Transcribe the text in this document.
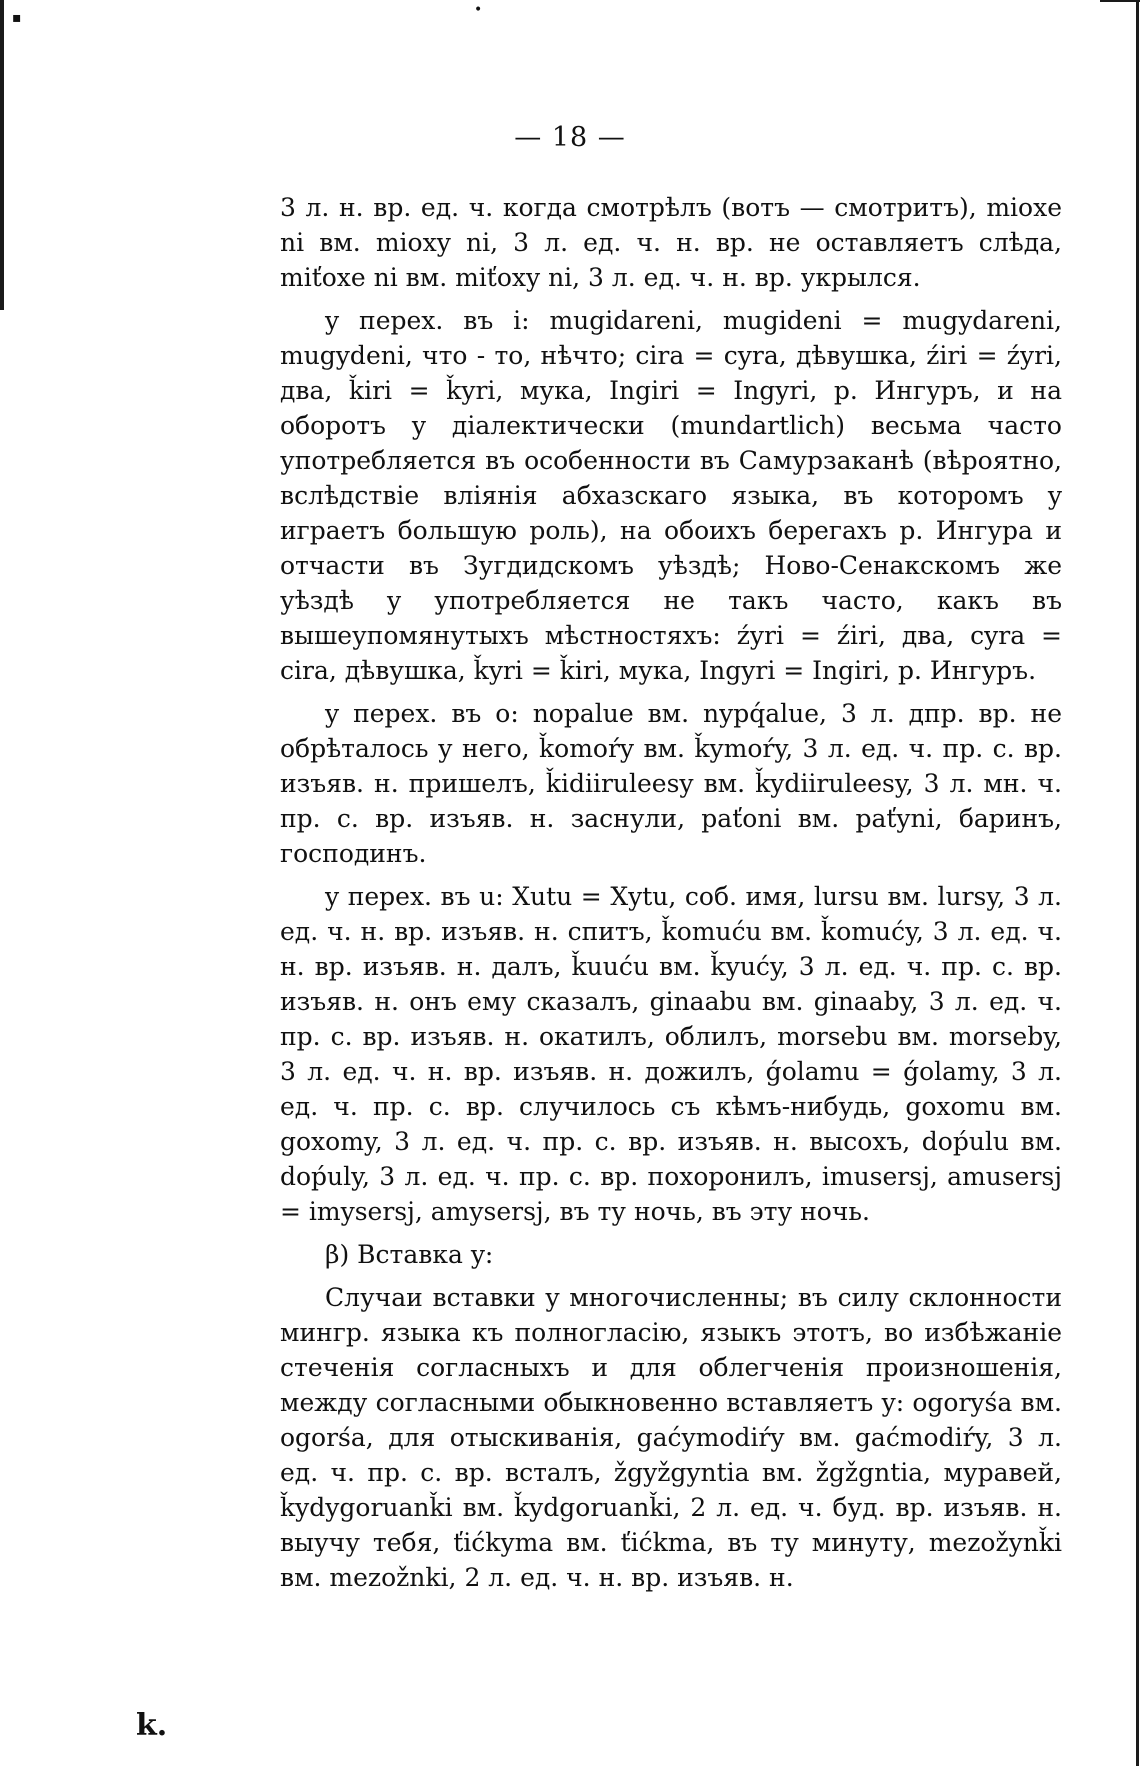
•
▪
— 18 —

3 л. н. вр. ед. ч. когда смотрѣлъ (вотъ — смотритъ), mioxe ni вм. mioxy ni, 3 л. ед. ч. н. вр. не оставляетъ слѣда, miťoxe ni вм. miťoxy ni, 3 л. ед. ч. н. вр. укрылся.

y перех. въ i: mugidareni, mugideni = mugydareni, mugydeni, что - то, нѣчто; cira = cyra, дѣвушка, źiri = źyri, два, ǩiri = ǩyri, мука, Ingiri = Ingyri, р. Ингуръ, и на оборотъ y діалектически (mundartlich) весьма часто употребляется въ особенности въ Самурзаканѣ (вѣроятно, вслѣдствіе вліянія абхазскаго языка, въ которомъ y играетъ большую роль), на обоихъ берегахъ р. Ингура и отчасти въ Зугдидскомъ уѣздѣ; Ново-Сенакскомъ же уѣздѣ y употребляется не такъ часто, какъ въ вышеупомянутыхъ мѣстностяхъ: źyri = źiri, два, cyra = cira, дѣвушка, ǩyri = ǩiri, мука, Ingyri = Ingiri, р. Ингуръ.

y перех. въ o: nopalue вм. nypq́alue, 3 л. дпр. вр. не обрѣталось у него, ǩomoŕy вм. ǩymoŕy, 3 л. ед. ч. пр. с. вр. изъяв. н. пришелъ, ǩidiiruleesy вм. ǩydiiruleesy, 3 л. мн. ч. пр. с. вр. изъяв. н. заснули, paťoni вм. paťyni, баринъ, господинъ.

y перех. въ u: Xutu = Xytu, соб. имя, lursu вм. lursy, 3 л. ед. ч. н. вр. изъяв. н. спитъ, ǩomuću вм. ǩomućy, 3 л. ед. ч. н. вр. изъяв. н. далъ, ǩuuću вм. ǩyućy, 3 л. ед. ч. пр. с. вр. изъяв. н. онъ ему сказалъ, ginaabu вм. ginaaby, 3 л. ед. ч. пр. с. вр. изъяв. н. окатилъ, облилъ, morsebu вм. morseby, 3 л. ед. ч. н. вр. изъяв. н. дожилъ, ǵolamu = ǵolamy, 3 л. ед. ч. пр. с. вр. случилось съ кѣмъ-нибудь, goxomu вм. goxomy, 3 л. ед. ч. пр. с. вр. изъяв. н. высохъ, doṕulu вм. doṕuly, 3 л. ед. ч. пр. с. вр. похоронилъ, imusersj, amusersj = imysersj, amysersj, въ ту ночь, въ эту ночь.

β) Вставка y:

Случаи вставки y многочисленны; въ силу склонности мингр. языка къ полногласію, языкъ этотъ, во избѣжаніе стеченія согласныхъ и для облегченія произношенія, между согласными обыкновенно вставляетъ y: ogoryśa вм. ogorśa, для отыскиванія, gaćymodiŕy вм. gaćmodiŕy, 3 л. ед. ч. пр. с. вр. всталъ, žgyžgyntia вм. žgžgntia, муравей, ǩydygoruanǩi вм. ǩydgoruanǩi, 2 л. ед. ч. буд. вр. изъяв. н. выучу тебя, ťićkyma вм. ťićkma, въ ту минуту, mezožynǩi вм. mezožnki, 2 л. ед. ч. н. вр. изъяв. н.

k.
